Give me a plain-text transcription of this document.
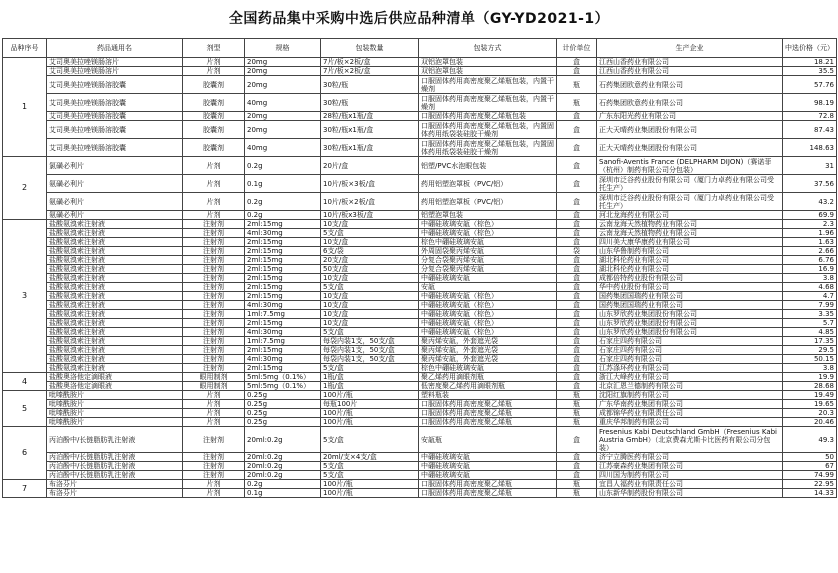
全国药品集中采购中选后供应品种清单（GY-YD2021-1）
品种序号	药品通用名	剂型	规格	包装数量	包装方式	计价单位	生产企业	中选价格（元）
1	艾司奥美拉唑镁肠溶片	片剂	20mg	7片/板×2板/盒	双铝泡罩包装	盒	江西山香药业有限公司	18.21
	艾司奥美拉唑镁肠溶片	片剂	20mg	7片/板×2板/盒	双铝泡罩包装	盒	江西山香药业有限公司	35.5
	艾司奥美拉唑镁肠溶胶囊	胶囊剂	20mg	30粒/瓶	口服固体药用高密度聚乙烯瓶包装，内置干燥剂	瓶	石药集团欧意药业有限公司	57.76
	艾司奥美拉唑镁肠溶胶囊	胶囊剂	40mg	30粒/瓶	口服固体药用高密度聚乙烯瓶包装，内置干燥剂	瓶	石药集团欧意药业有限公司	98.19
	艾司奥美拉唑镁肠溶胶囊	胶囊剂	20mg	28粒/瓶x1瓶/盒	口服固体药用高密度聚乙烯瓶包装	盒	广东东阳光药业有限公司	72.8
	艾司奥美拉唑镁肠溶胶囊	胶囊剂	20mg	30粒/瓶x1瓶/盒	口服固体药用高密度聚乙烯瓶包装，内置固体药用纸袋装硅胶干燥剂	盒	正大天晴药业集团股份有限公司	87.43
	艾司奥美拉唑镁肠溶胶囊	胶囊剂	40mg	30粒/瓶x1瓶/盒	口服固体药用高密度聚乙烯瓶包装，内置固体药用纸袋装硅胶干燥剂	盒	正大天晴药业集团股份有限公司	148.63
2	氯磺必利片	片剂	0.2g	20片/盒	铝塑/PVC水泡眼包装	盒	Sanofi-Aventis France (DELPHARM DIJON)（赛诺菲（杭州）制药有限公司分包装）	31
	氨磺必利片	片剂	0.1g	10片/板×3板/盒	药用铝塑泡罩板（PVC/铝）	盒	深圳市泛谷药业股份有限公司（厦门力卓药业有限公司受托生产）	37.56
	氨磺必利片	片剂	0.2g	10片/板×2板/盒	药用铝塑泡罩板（PVC/铝）	盒	深圳市泛谷药业股份有限公司（厦门力卓药业有限公司受托生产）	43.2
	氨磺必利片	片剂	0.2g	10片/板x3板/盒	铝塑泡罩包装	盒	河北龙海药业有限公司	69.9
3	盐酸氨溴索注射液	注射剂	2ml:15mg	10支/盒	中硼硅玻璃安瓿（棕色）	盒	云南龙海天然植物药业有限公司	2.3
	盐酸氨溴索注射液	注射剂	4ml:30mg	5支/盒	中硼硅玻璃安瓿（棕色）	盒	云南龙海天然植物药业有限公司	1.96
	盐酸氨溴索注射液	注射剂	2ml:15mg	10支/盒	棕色中硼硅玻璃安瓿	盒	四川美大康华康药业有限公司	1.63
	盐酸氨溴索注射液	注射剂	2ml:15mg	6支/袋	外周固袋聚丙烯安瓿	袋	山东华鲁制药有限公司	2.66
	盐酸氨溴索注射液	注射剂	2ml:15mg	20支/盒	分复合袋聚丙烯安瓿	盒	湖北科伦药业有限公司	6.76
	盐酸氨溴索注射液	注射剂	2ml:15mg	50支/盒	分复合袋聚丙烯安瓿	盒	湖北科伦药业有限公司	16.9
	盐酸氨溴索注射液	注射剂	2ml:15mg	10支/盒	中硼硅玻璃安瓿	盒	成都倍特药业股份有限公司	3.8
	盐酸氨溴索注射液	注射剂	2ml:15mg	5支/盒	安瓿	盒	华中药业股份有限公司	4.68
	盐酸氨溴索注射液	注射剂	2ml:15mg	10支/盒	中硼硅玻璃安瓿（棕色）	盒	国药集团国瑞药业有限公司	4.7
	盐酸氨溴索注射液	注射剂	4ml:30mg	10支/盒	中硼硅玻璃安瓿（棕色）	盒	国药集团国瑞药业有限公司	7.99
	盐酸氨溴索注射液	注射剂	1ml:7.5mg	10支/盒	中硼硅玻璃安瓿（棕色）	盒	山东罗欣药业集团股份有限公司	3.35
	盐酸氨溴索注射液	注射剂	2ml:15mg	10支/盒	中硼硅玻璃安瓿（棕色）	盒	山东罗欣药业集团股份有限公司	5.7
	盐酸氨溴索注射液	注射剂	4ml:30mg	5支/盒	中硼硅玻璃安瓿（棕色）	盒	山东罗欣药业集团股份有限公司	4.85
	盐酸氨溴索注射液	注射剂	1ml:7.5mg	每袋内装1支，50支/盒	聚丙烯安瓿，外套遮光袋	盒	石家庄四药有限公司	17.35
	盐酸氨溴索注射液	注射剂	2ml:15mg	每袋内装1支，50支/盒	聚丙烯安瓿，外套遮光袋	盒	石家庄四药有限公司	29.5
	盐酸氨溴索注射液	注射剂	4ml:30mg	每袋内装1支，50支/盒	聚丙烯安瓿，外套遮光袋	盒	石家庄四药有限公司	50.15
	盐酸氨溴索注射液	注射剂	2ml:15mg	5支/盒	棕色中硼硅玻璃安瓿	盒	江苏涤环药业有限公司	3.8
4	盐酸奥洛他定滴眼液	眼用制剂	5ml:5mg（0.1%）	1瓶/盒	聚乙烯药用滴眼剂瓶	盒	浙江大峰药业有限公司	19.9
	盐酸奥洛他定滴眼液	眼用制剂	5ml:5mg（0.1%）	1瓶/盒	低密度聚乙烯药用滴眼剂瓶	盒	北京汇恩兰德制药有限公司	28.68
5	吡嗪酰胺片	片剂	0.25g	100片/瓶	塑料瓶装	瓶	沈阳红旗制药有限公司	19.49
	吡嗪酰胺片	片剂	0.25g	每瓶100片	口服固体药用高密度聚乙烯瓶	瓶	广东华南药业集团有限公司	19.65
	吡嗪酰胺片	片剂	0.25g	100片/瓶	口服固体药用高密度聚乙烯瓶	瓶	成都锦华药业有限责任公司	20.3
	吡嗪酰胺片	片剂	0.25g	100片/瓶	口服固体药用高密度聚乙烯瓶	瓶	重庆华邦制药有限公司	20.46
6	丙泊酚中/长链脂肪乳注射液	注射剂	20ml:0.2g	5支/盒	安瓿瓶	盒	Fresenius Kabi Deutschland GmbH（Fresenius Kabi Austria GmbH）（北京费森尤斯卡比医药有限公司分包装）	49.3
	丙泊酚中/长链脂肪乳注射液	注射剂	20ml:0.2g	20ml/支×4支/盒	中硼硅玻璃安瓿	盒	济宁立腾医药有限公司	50
	丙泊酚中/长链脂肪乳注射液	注射剂	20ml:0.2g	5支/盒	中硼硅玻璃安瓿	盒	江苏豪森药业集团有限公司	67
	丙泊酚中/长链脂肪乳注射液	注射剂	20ml:0.2g	5支/盒	中硼硅玻璃安瓿	盒	四川国为制药有限公司	74.99
7	布洛芬片	片剂	0.2g	100片/瓶	口服固体药用高密度聚乙烯瓶	瓶	宜昌人福药业有限责任公司	22.95
	布洛芬片	片剂	0.1g	100片/瓶	口服固体药用高密度聚乙烯瓶	瓶	山东新华制药股份有限公司	14.33
